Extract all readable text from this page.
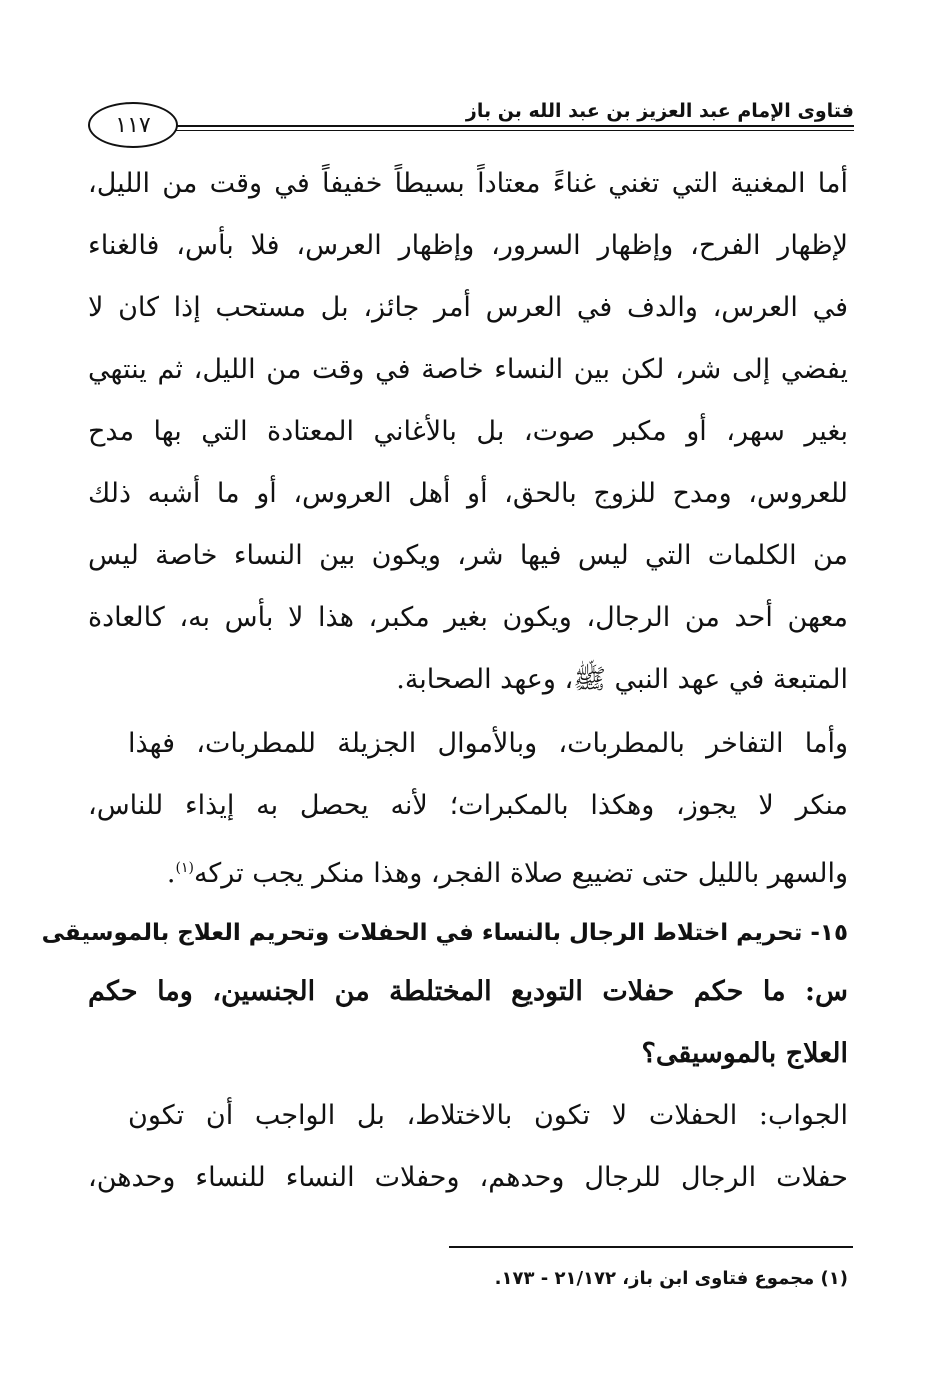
فتاوى الإمام عبد العزيز بن عبد الله بن باز
١١٧
أما المغنية التي تغني غناءً معتاداً بسيطاً خفيفاً في وقت من الليل،
لإظهار الفرح، وإظهار السرور، وإظهار العرس، فلا بأس، فالغناء
في العرس، والدف في العرس أمر جائز، بل مستحب إذا كان لا
يفضي إلى شر، لكن بين النساء خاصة في وقت من الليل، ثم ينتهي
بغير سهر، أو مكبر صوت، بل بالأغاني المعتادة التي بها مدح
للعروس، ومدح للزوج بالحق، أو أهل العروس، أو ما أشبه ذلك
من الكلمات التي ليس فيها شر، ويكون بين النساء خاصة ليس
معهن أحد من الرجال، ويكون بغير مكبر، هذا لا بأس به، كالعادة
المتبعة في عهد النبي ﷺ، وعهد الصحابة.
وأما التفاخر بالمطربات، وبالأموال الجزيلة للمطربات، فهذا
منكر لا يجوز، وهكذا بالمكبرات؛ لأنه يحصل به إيذاء للناس،
والسهر بالليل حتى تضييع صلاة الفجر، وهذا منكر يجب تركه$^{(١)}$.
١٥- تحريم اختلاط الرجال بالنساء في الحفلات وتحريم العلاج بالموسيقى
س: ما حكم حفلات التوديع المختلطة من الجنسين، وما حكم
العلاج بالموسيقى؟
الجواب: الحفلات لا تكون بالاختلاط، بل الواجب أن تكون
حفلات الرجال للرجال وحدهم، وحفلات النساء للنساء وحدهن،
(١) مجموع فتاوى ابن باز، ٢١/١٧٢ - ١٧٣.
